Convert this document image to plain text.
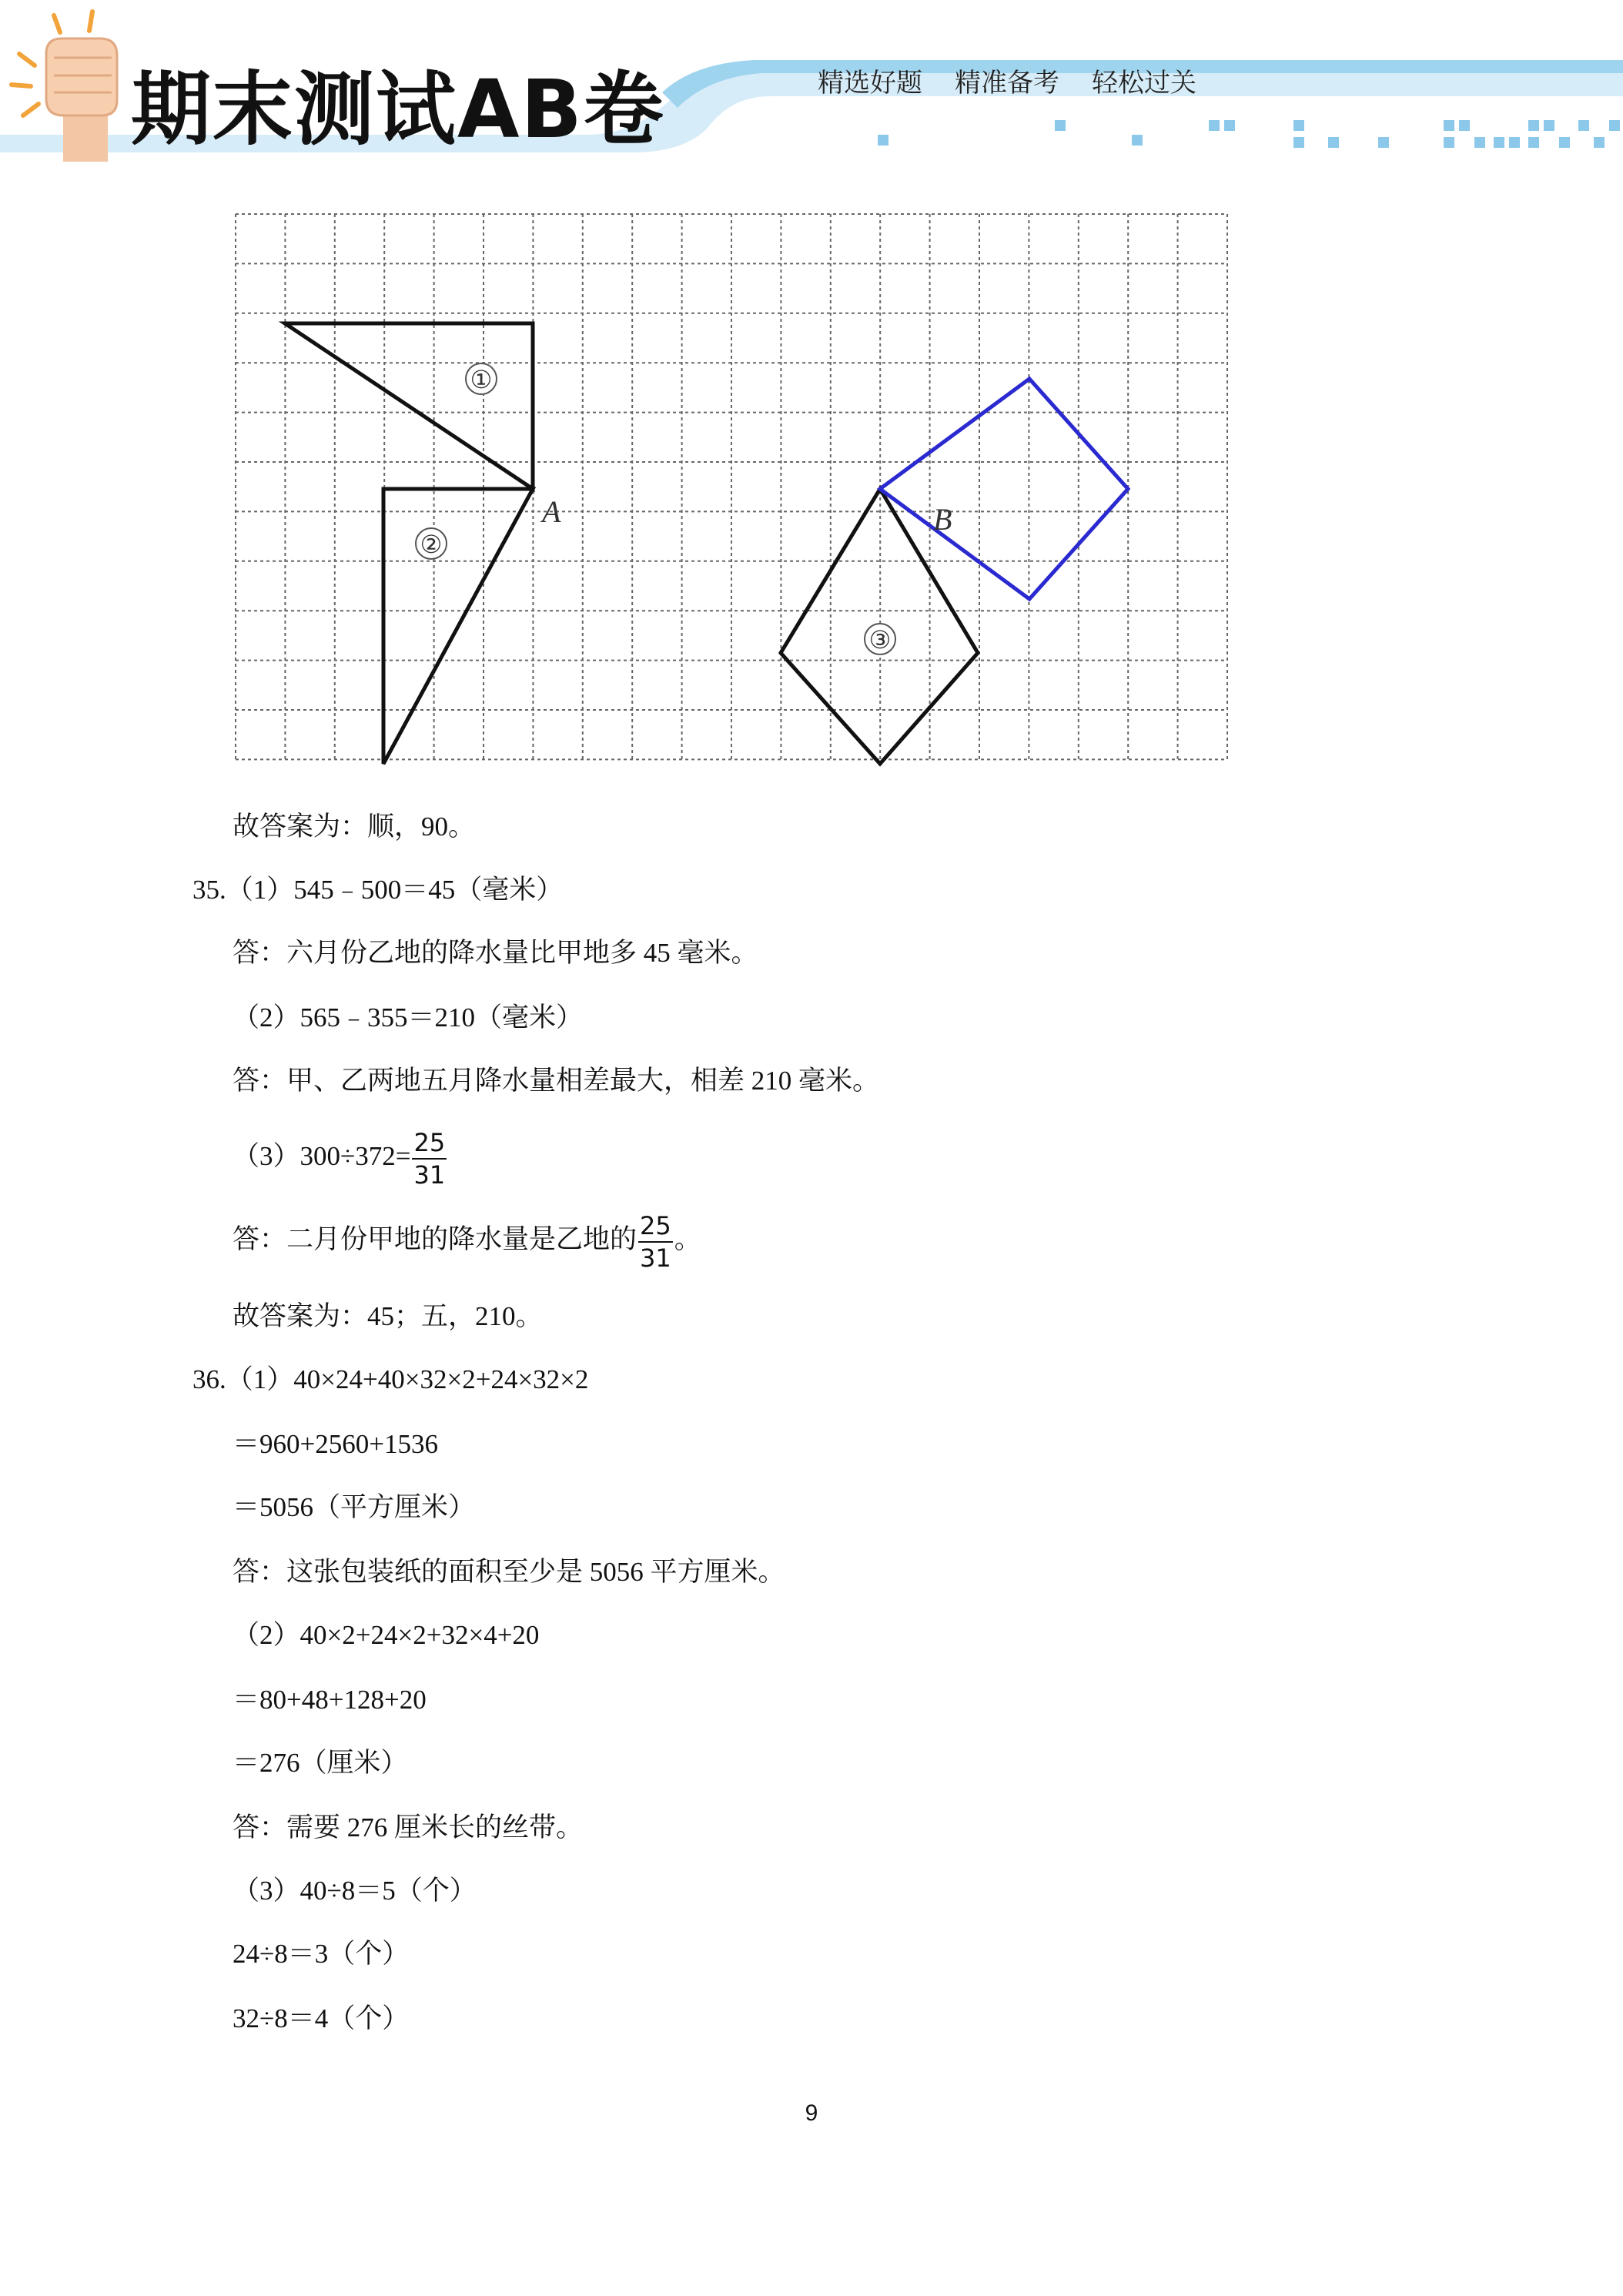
期末测试AB卷	精选好题 精准备考 轻松过关
①
②
③
A	B
故答案为：顺，90。
35.（1）545﹣500＝45（毫米）
答：六月份乙地的降水量比甲地多 45 毫米。
（2）565﹣355＝210（毫米）
答：甲、乙两地五月降水量相差最大，相差 210 毫米。
$(3)300\div 372= \frac{25}{31}$
答：二月份甲地的降水量是乙地的 $\frac{25}{31}$ 。
故答案为：45；五，210。
36.（1）40×24+40×32×2+24×32×2
＝960+2560+1536
＝5056（平方厘米）
答：这张包装纸的面积至少是 5056 平方厘米。
（2）40×2+24×2+32×4+20
＝80+48+128+20
＝276（厘米）
答：需要 276 厘米长的丝带。
（3）40÷8＝5（个）
24÷8＝3（个）
32÷8＝4（个）
9
